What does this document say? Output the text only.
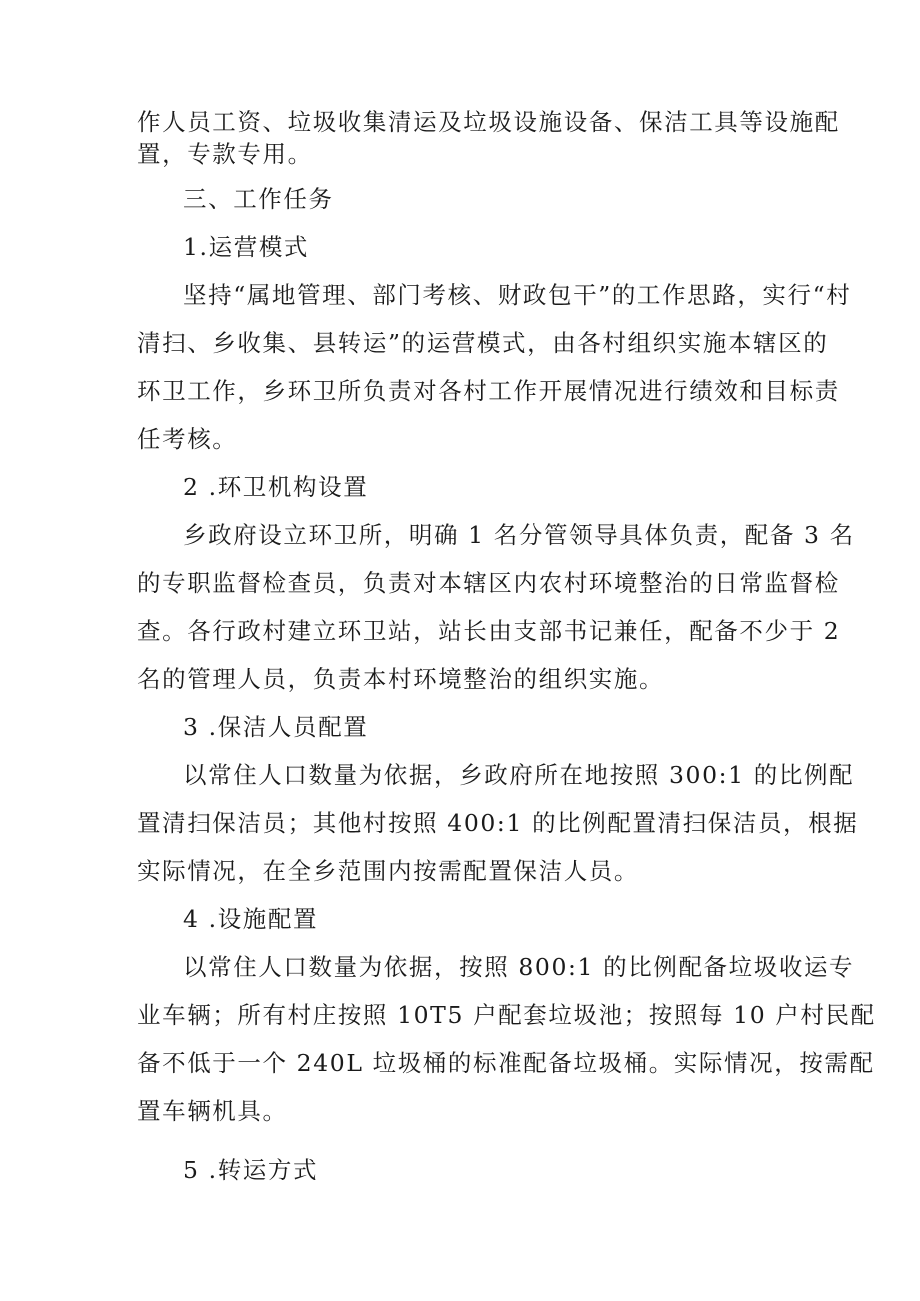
作人员工资、垃圾收集清运及垃圾设施设备、保洁工具等设施配
置，专款专用。
三、工作任务
1.运营模式
坚持“属地管理、部门考核、财政包干”的工作思路，实行“村
清扫、乡收集、县转运”的运营模式，由各村组织实施本辖区的
环卫工作，乡环卫所负责对各村工作开展情况进行绩效和目标责
任考核。
2 .环卫机构设置
乡政府设立环卫所，明确 1 名分管领导具体负责，配备 3 名
的专职监督检查员，负责对本辖区内农村环境整治的日常监督检
查。各行政村建立环卫站，站长由支部书记兼任，配备不少于 2
名的管理人员，负责本村环境整治的组织实施。
3 .保洁人员配置
以常住人口数量为依据，乡政府所在地按照 300:1 的比例配
置清扫保洁员；其他村按照 400:1 的比例配置清扫保洁员，根据
实际情况，在全乡范围内按需配置保洁人员。
4 .设施配置
以常住人口数量为依据，按照 800:1 的比例配备垃圾收运专
业车辆；所有村庄按照 10T5 户配套垃圾池；按照每 10 户村民配
备不低于一个 240L 垃圾桶的标准配备垃圾桶。实际情况，按需配
置车辆机具。
5 .转运方式
